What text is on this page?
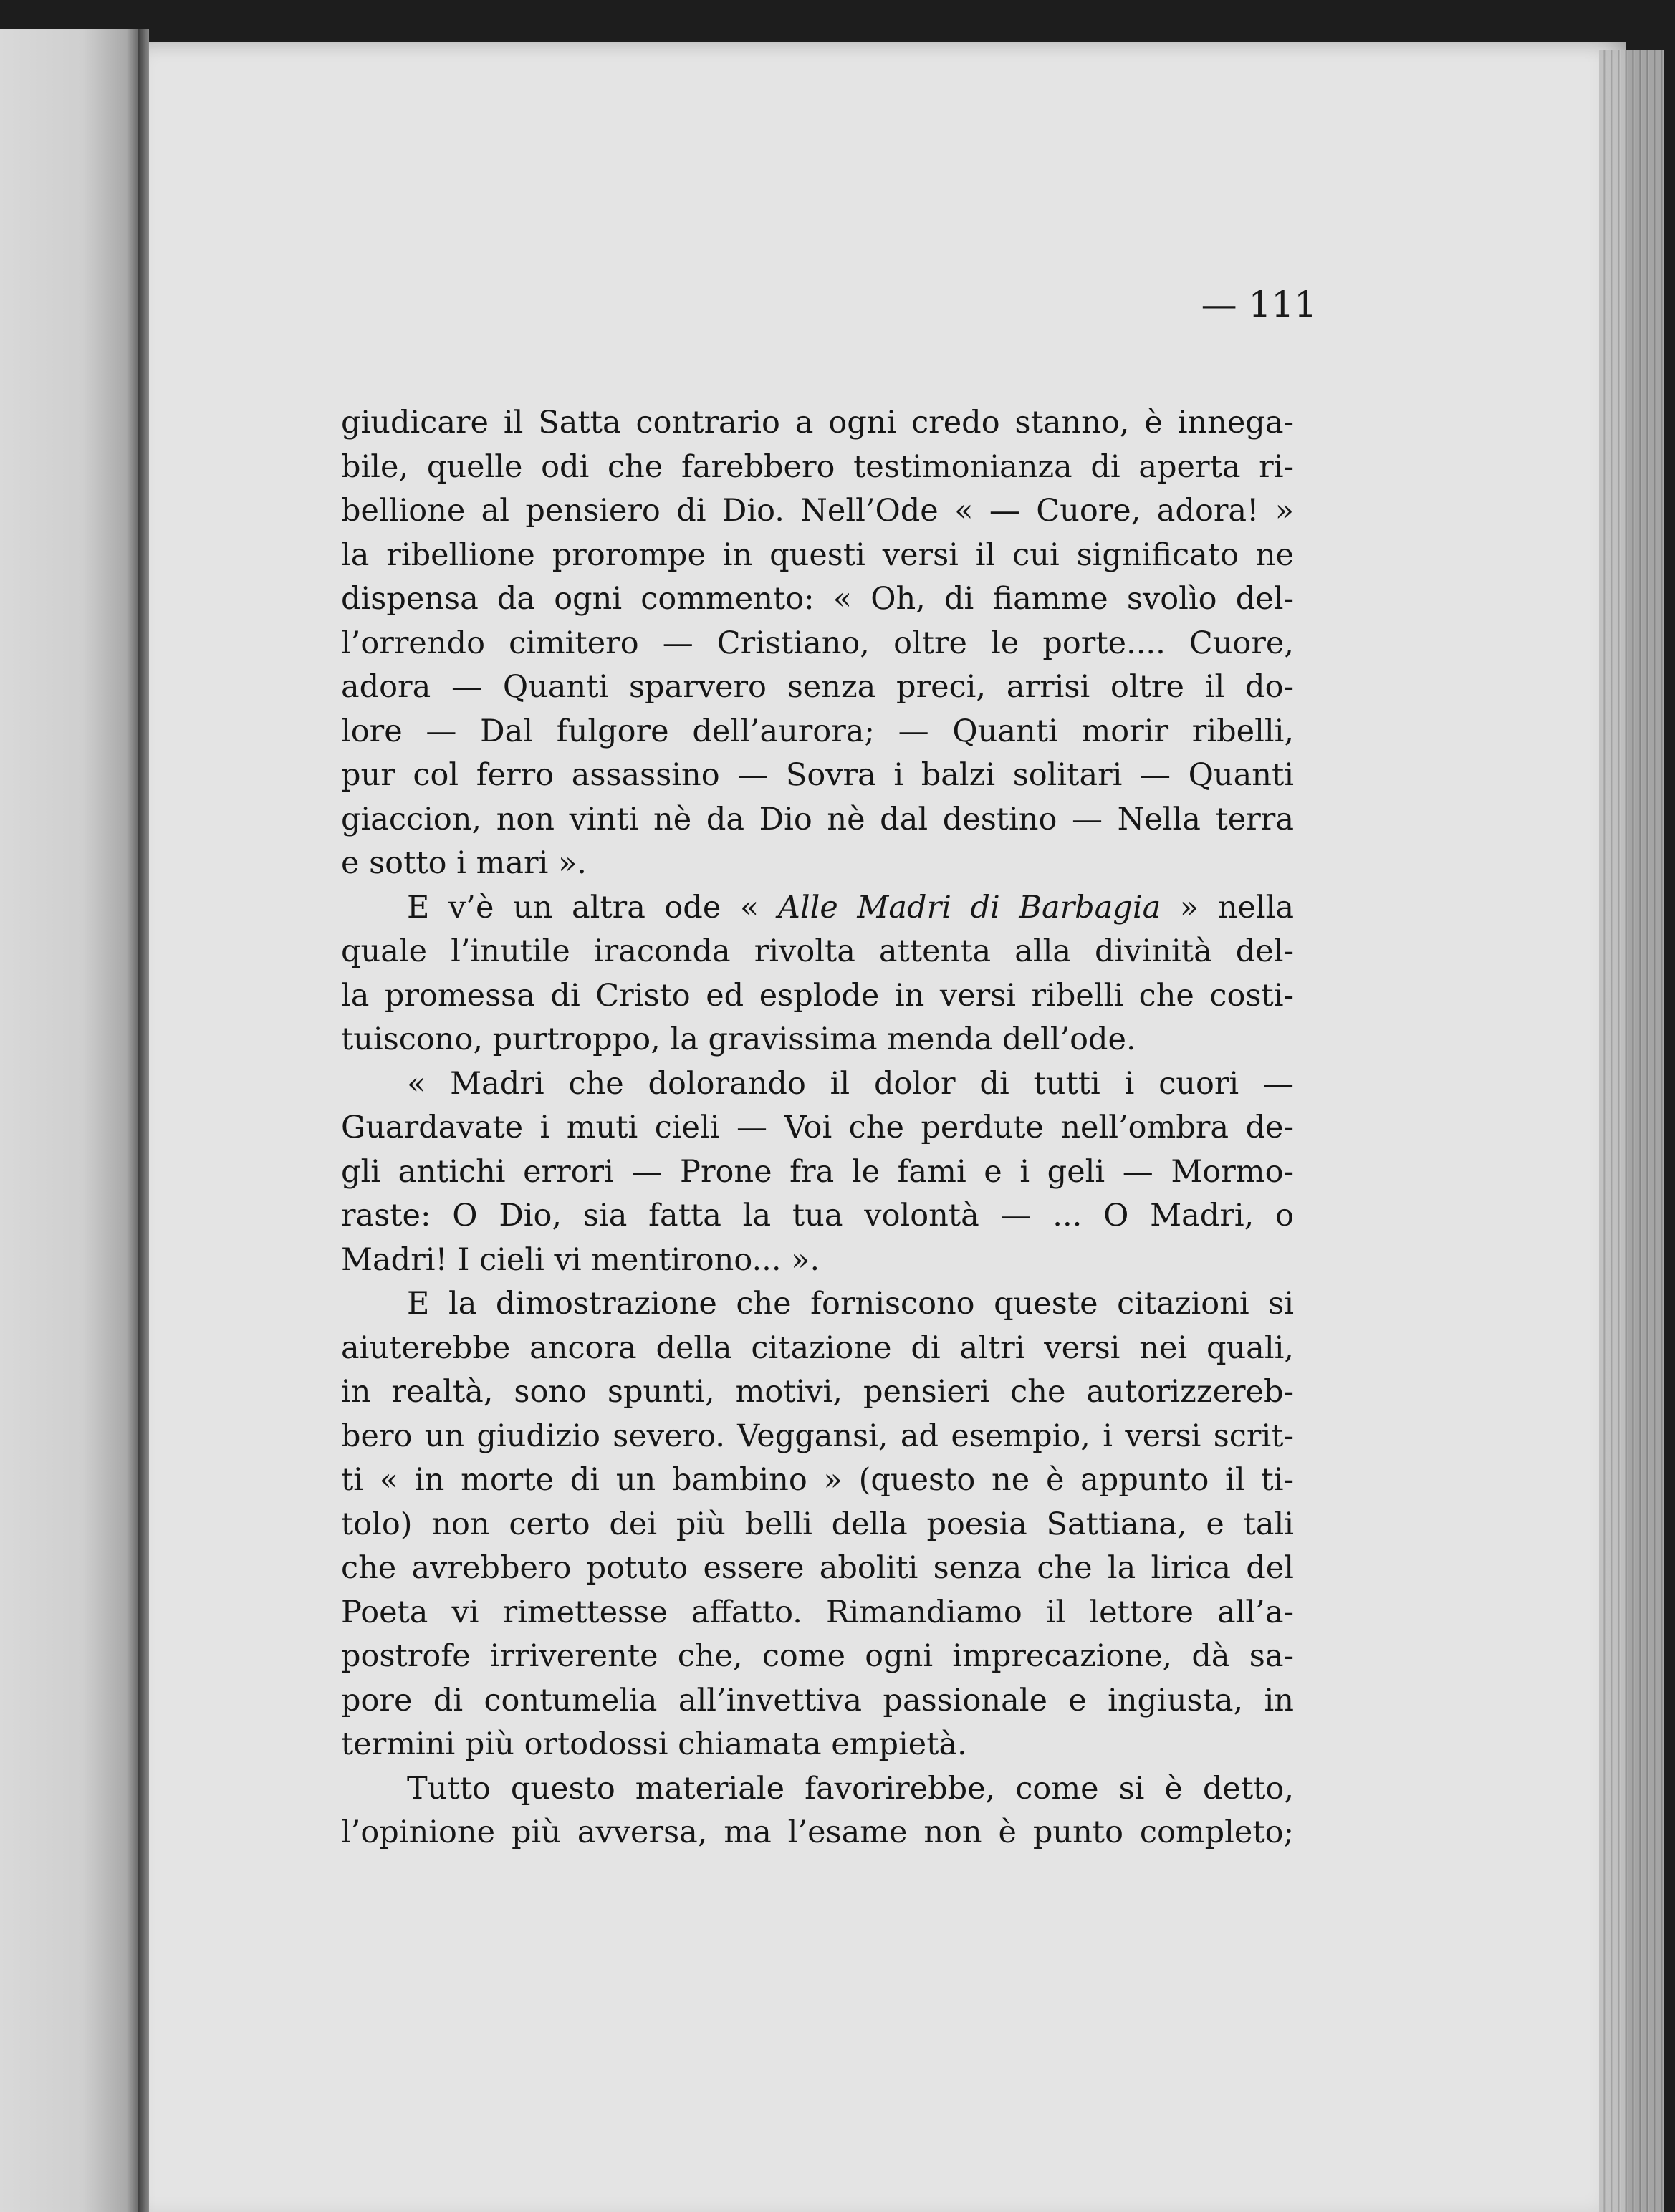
— 111
giudicare il Satta contrario a ogni credo stanno, è innega-
bile, quelle odi che farebbero testimonianza di aperta ri-
bellione al pensiero di Dio. Nell’Ode « — Cuore, adora! »
la ribellione prorompe in questi versi il cui significato ne
dispensa da ogni commento: « Oh, di fiamme svolìo del-
l’orrendo cimitero — Cristiano, oltre le porte.... Cuore,
adora — Quanti sparvero senza preci, arrisi oltre il do-
lore — Dal fulgore dell’aurora; — Quanti morir ribelli,
pur col ferro assassino — Sovra i balzi solitari — Quanti
giaccion, non vinti nè da Dio nè dal destino — Nella terra
e sotto i mari ».
E v’è un altra ode « Alle Madri di Barbagia » nella
quale l’inutile iraconda rivolta attenta alla divinità del-
la promessa di Cristo ed esplode in versi ribelli che costi-
tuiscono, purtroppo, la gravissima menda dell’ode.
« Madri che dolorando il dolor di tutti i cuori —
Guardavate i muti cieli — Voi che perdute nell’ombra de-
gli antichi errori — Prone fra le fami e i geli — Mormo-
raste: O Dio, sia fatta la tua volontà — ... O Madri, o
Madri! I cieli vi mentirono... ».
E la dimostrazione che forniscono queste citazioni si
aiuterebbe ancora della citazione di altri versi nei quali,
in realtà, sono spunti, motivi, pensieri che autorizzereb-
bero un giudizio severo. Veggansi, ad esempio, i versi scrit-
ti « in morte di un bambino » (questo ne è appunto il ti-
tolo) non certo dei più belli della poesia Sattiana, e tali
che avrebbero potuto essere aboliti senza che la lirica del
Poeta vi rimettesse affatto. Rimandiamo il lettore all’a-
postrofe irriverente che, come ogni imprecazione, dà sa-
pore di contumelia all’invettiva passionale e ingiusta, in
termini più ortodossi chiamata empietà.
Tutto questo materiale favorirebbe, come si è detto,
l’opinione più avversa, ma l’esame non è punto completo;
